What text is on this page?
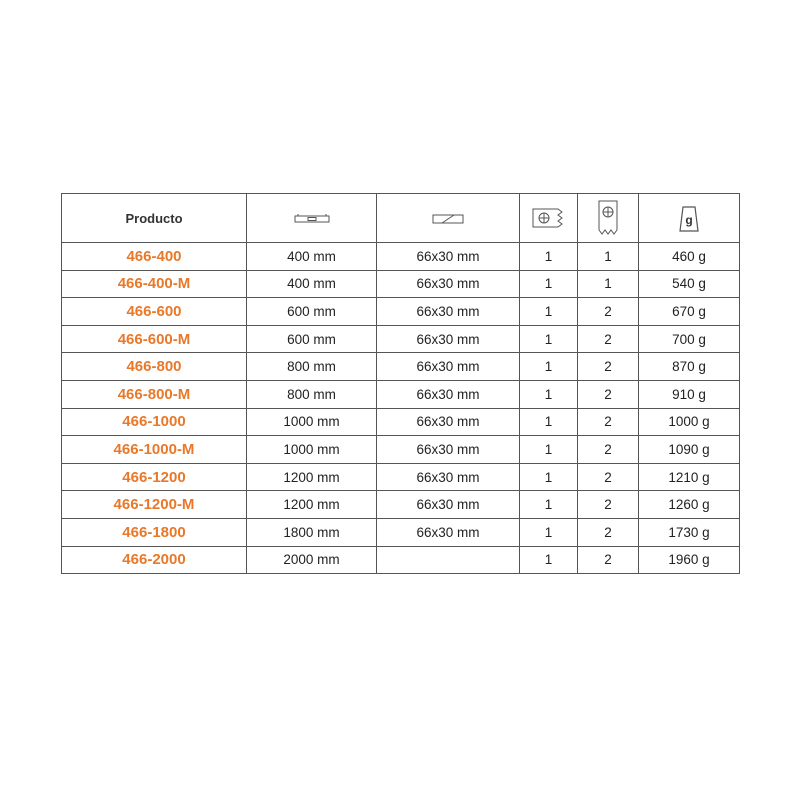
Producto					g

466-400	400 mm	66x30 mm	1	1	460 g
466-400-M	400 mm	66x30 mm	1	1	540 g
466-600	600 mm	66x30 mm	1	2	670 g
466-600-M	600 mm	66x30 mm	1	2	700 g
466-800	800 mm	66x30 mm	1	2	870 g
466-800-M	800 mm	66x30 mm	1	2	910 g
466-1000	1000 mm	66x30 mm	1	2	1000 g
466-1000-M	1000 mm	66x30 mm	1	2	1090 g
466-1200	1200 mm	66x30 mm	1	2	1210 g
466-1200-M	1200 mm	66x30 mm	1	2	1260 g
466-1800	1800 mm	66x30 mm	1	2	1730 g
466-2000	2000 mm		1	2	1960 g
